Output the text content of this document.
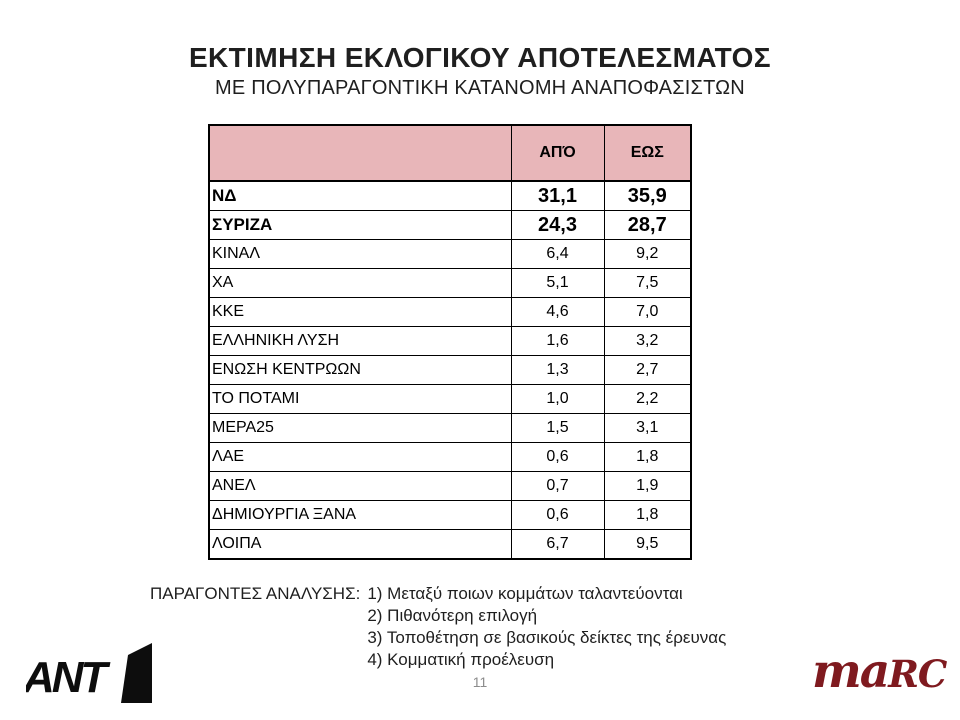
ΕΚΤΙΜΗΣΗ ΕΚΛΟΓΙΚΟΥ ΑΠΟΤΕΛΕΣΜΑΤΟΣ
ΜΕ ΠΟΛΥΠΑΡΑΓΟΝΤΙΚΗ ΚΑΤΑΝΟΜΗ ΑΝΑΠΟΦΑΣΙΣΤΩΝ
	ΑΠΌ	ΕΩΣ
ΝΔ	31,1	35,9
ΣΥΡΙΖΑ	24,3	28,7
ΚΙΝΑΛ	6,4	9,2
ΧΑ	5,1	7,5
ΚΚΕ	4,6	7,0
ΕΛΛΗΝΙΚΗ ΛΥΣΗ	1,6	3,2
ΕΝΩΣΗ ΚΕΝΤΡΩΩΝ	1,3	2,7
ΤΟ ΠΟΤΑΜΙ	1,0	2,2
ΜΕΡΑ25	1,5	3,1
ΛΑΕ	0,6	1,8
ΑΝΕΛ	0,7	1,9
ΔΗΜΙΟΥΡΓΙΑ ΞΑΝΑ	0,6	1,8
ΛΟΙΠΑ	6,7	9,5
ΠΑΡΑΓΟΝΤΕΣ ΑΝΑΛΥΣΗΣ: 1) Μεταξύ ποιων κομμάτων ταλαντεύονται
2) Πιθανότερη επιλογή
3) Τοποθέτηση σε βασικούς δείκτες της έρευνας
4) Κομματική προέλευση
ANT	11	maRC
